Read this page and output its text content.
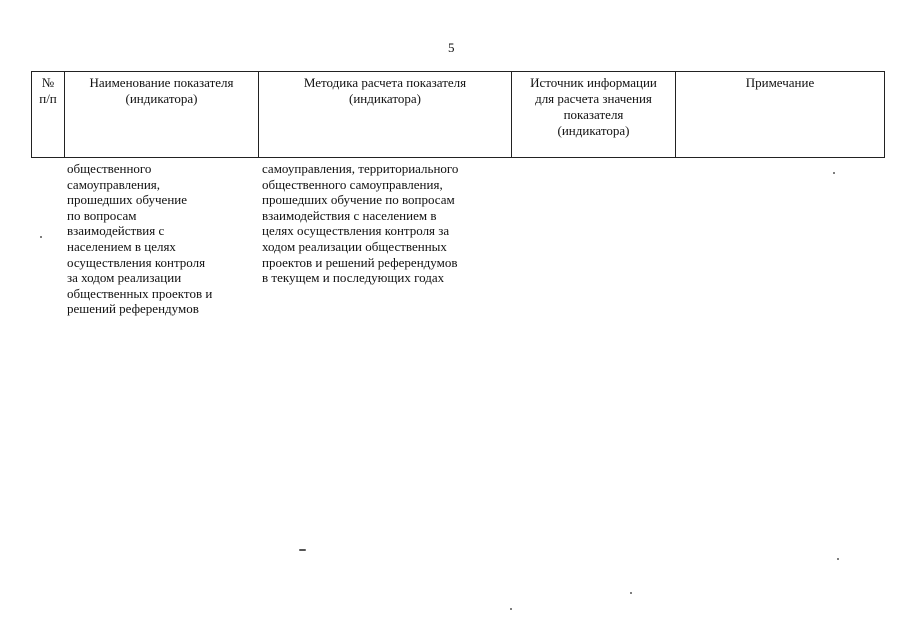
5
№
п/п
Наименование показателя
(индикатора)
Методика расчета показателя
(индикатора)
Источник информации
для расчета значения
показателя
(индикатора)
Примечание
общественного
самоуправления,
прошедших обучение
по вопросам
взаимодействия с
населением в целях
осуществления контроля
за ходом реализации
общественных проектов и
решений референдумов
самоуправления, территориального
общественного самоуправления,
прошедших обучение по вопросам
взаимодействия с населением в
целях осуществления контроля за
ходом реализации общественных
проектов и решений референдумов
в текущем и последующих годах
